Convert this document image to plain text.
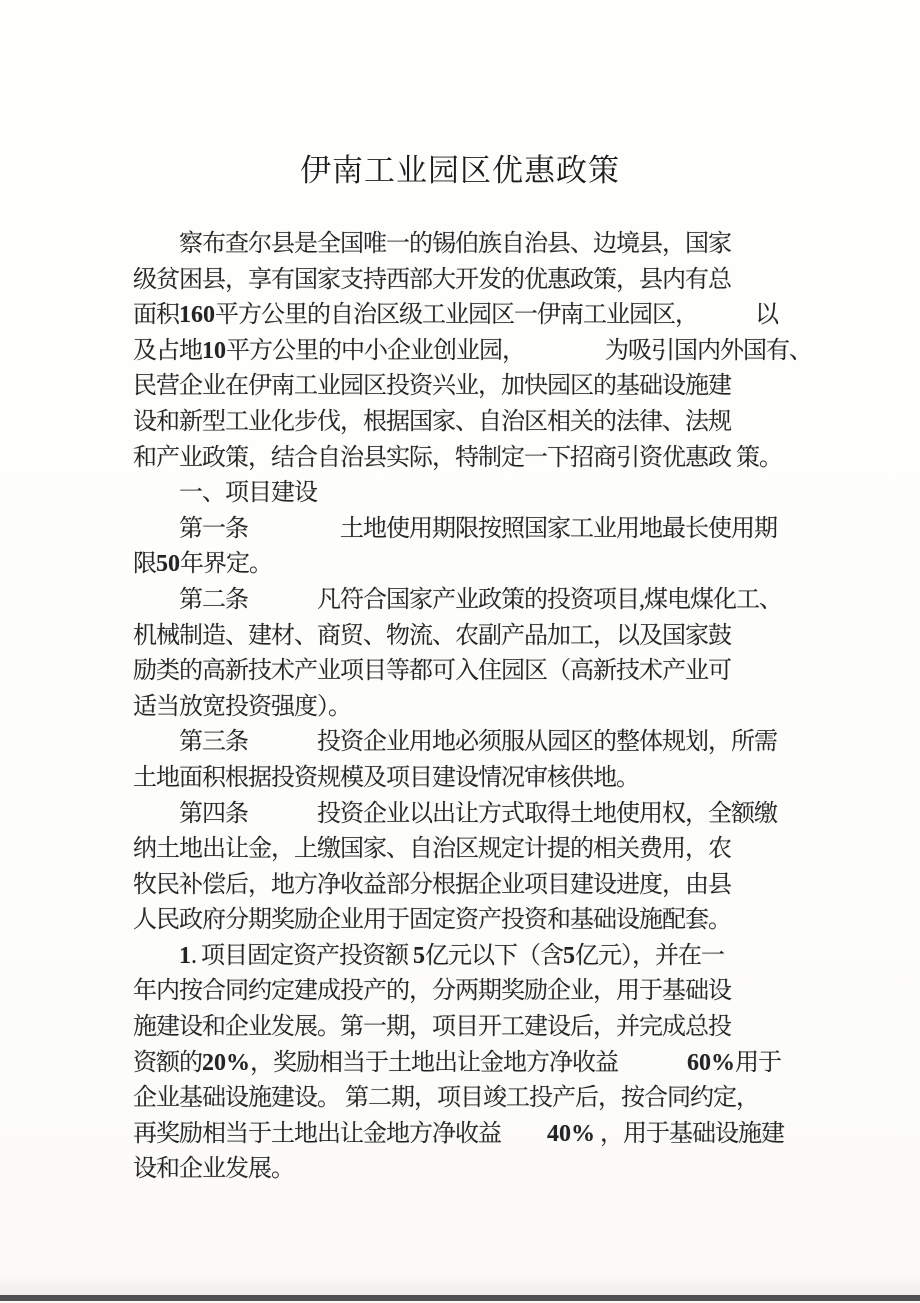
伊南工业园区优惠政策
　　察布查尔县是全国唯一的锡伯族自治县、边境县，国家
级贫困县，享有国家支持西部大开发的优惠政策，县内有总
面积160平方公里的自治区级工业园区一伊南工业园区，　　　以
及占地10平方公里的中小企业创业园，　　　　为吸引国内外国有、
民营企业在伊南工业园区投资兴业，加快园区的基础设施建
设和新型工业化步伐，根据国家、自治区相关的法律、法规
和产业政策，结合自治县实际，特制定一下招商引资优惠政 策。
　　一、项目建设
　　第一条　　　　土地使用期限按照国家工业用地最长使用期
限50年界定。
　　第二条　　　凡符合国家产业政策的投资项目,煤电煤化工、
机械制造、建材、商贸、物流、农副产品加工，以及国家鼓
励类的高新技术产业项目等都可入住园区（高新技术产业可
适当放宽投资强度）。
　　第三条　　　投资企业用地必须服从园区的整体规划，所需
土地面积根据投资规模及项目建设情况审核供地。
　　第四条　　　投资企业以出让方式取得土地使用权，全额缴
纳土地出让金，上缴国家、自治区规定计提的相关费用，农
牧民补偿后，地方净收益部分根据企业项目建设进度，由县
人民政府分期奖励企业用于固定资产投资和基础设施配套。
　　1. 项目固定资产投资额 5亿元以下（含5亿元），并在一
年内按合同约定建成投产的，分两期奖励企业，用于基础设
施建设和企业发展。第一期，项目开工建设后，并完成总投
资额的20%，奖励相当于土地出让金地方净收益　　　60%用于
企业基础设施建设。 第二期，项目竣工投产后，按合同约定，
再奖励相当于土地出让金地方净收益　　40% ，用于基础设施建
设和企业发展。
